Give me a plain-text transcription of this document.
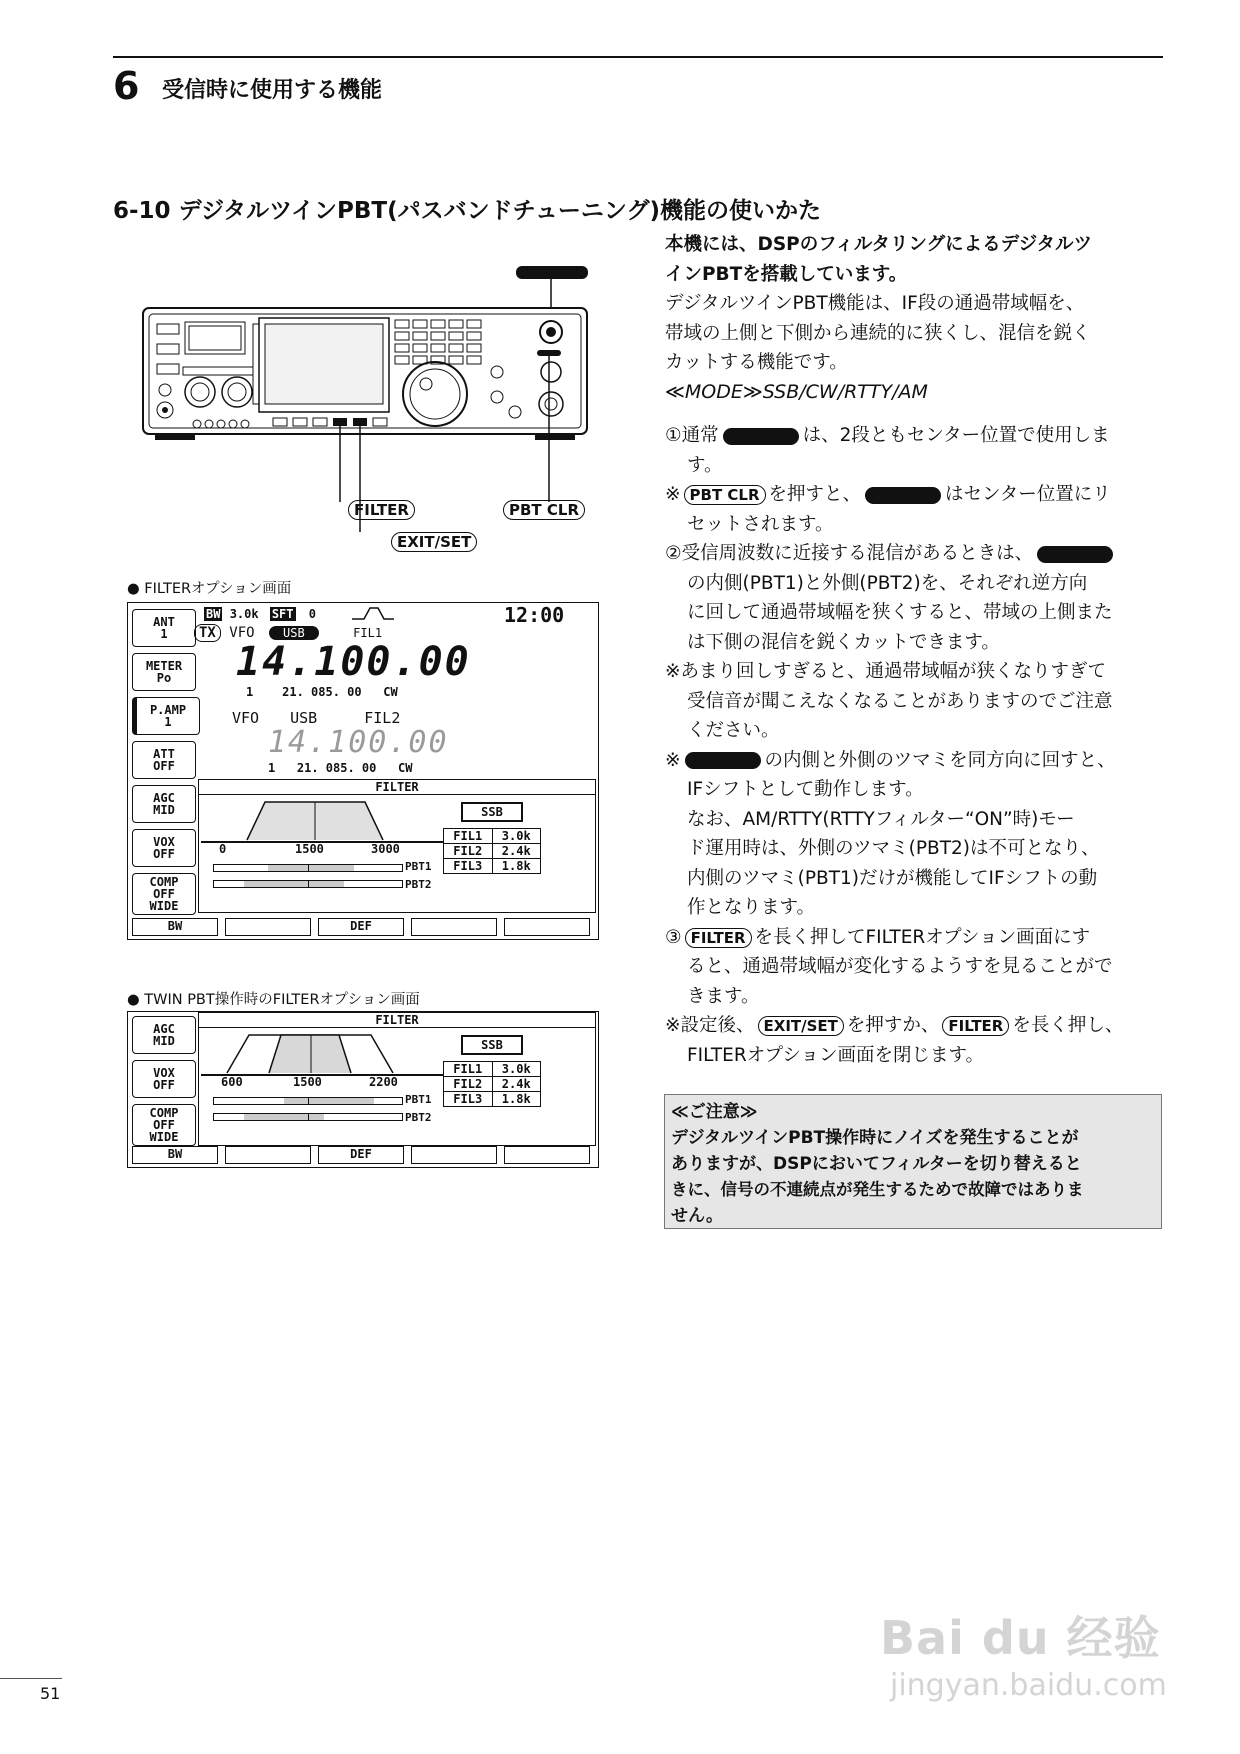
6 受信時に使用する機能
6-10 デジタルツインPBT(パスバンドチューニング)機能の使いかた
FILTER	PBT CLR
EXIT/SET
● FILTERオプション画面
ANT
1
METER
Po
P.AMP
1
ATT
OFF
AGC
MID
VOX
OFF
COMP
OFF
WIDE
BW 3.0k SFT 0	12:00
TX VFO USB	FIL1
14.100.00
1    21. 085. 00   CW
VFO USB	FIL2
14.100.00
1   21. 085. 00   CW
FILTER
0	1500	3000
PBT1
PBT2
SSB
FIL1	3.0k
FIL2	2.4k
FIL3	1.8k
BW	DEF
● TWIN PBT操作時のFILTERオプション画面
AGC
MID
VOX
OFF
COMP
OFF
WIDE
FILTER
600	1500	2200
PBT1
PBT2
SSB
FIL1	3.0k
FIL2	2.4k
FIL3	1.8k
BW	DEF
本機には、DSPのフィルタリングによるデジタルツ
インPBTを搭載しています。
デジタルツインPBT機能は、IF段の通過帯域幅を、
帯域の上側と下側から連続的に狭くし、混信を鋭く
カットする機能です。
≪MODE≫SSB/CW/RTTY/AM
①通常	は、2段ともセンター位置で使用しま
す。
※ PBT CLR を押すと、	はセンター位置にリ
セットされます。
②受信周波数に近接する混信があるときは、
の内側(PBT1)と外側(PBT2)を、それぞれ逆方向
に回して通過帯域幅を狭くすると、帯域の上側また
は下側の混信を鋭くカットできます。
※あまり回しすぎると、通過帯域幅が狭くなりすぎて
受信音が聞こえなくなることがありますのでご注意
ください。
※	の内側と外側のツマミを同方向に回すと、
IFシフトとして動作します。
なお、AM/RTTY(RTTYフィルター“ON”時)モー
ド運用時は、外側のツマミ(PBT2)は不可となり、
内側のツマミ(PBT1)だけが機能してIFシフトの動
作となります。
③ FILTER を長く押してFILTERオプション画面にす
ると、通過帯域幅が変化するようすを見ることがで
きます。
※設定後、 EXIT/SET を押すか、 FILTER を長く押し、
FILTERオプション画面を閉じます。
≪ご注意≫
デジタルツインPBT操作時にノイズを発生することが
ありますが、DSPにおいてフィルターを切り替えると
きに、信号の不連続点が発生するためで故障ではありま
せん。
51
Bai du 经验
jingyan.baidu.com
